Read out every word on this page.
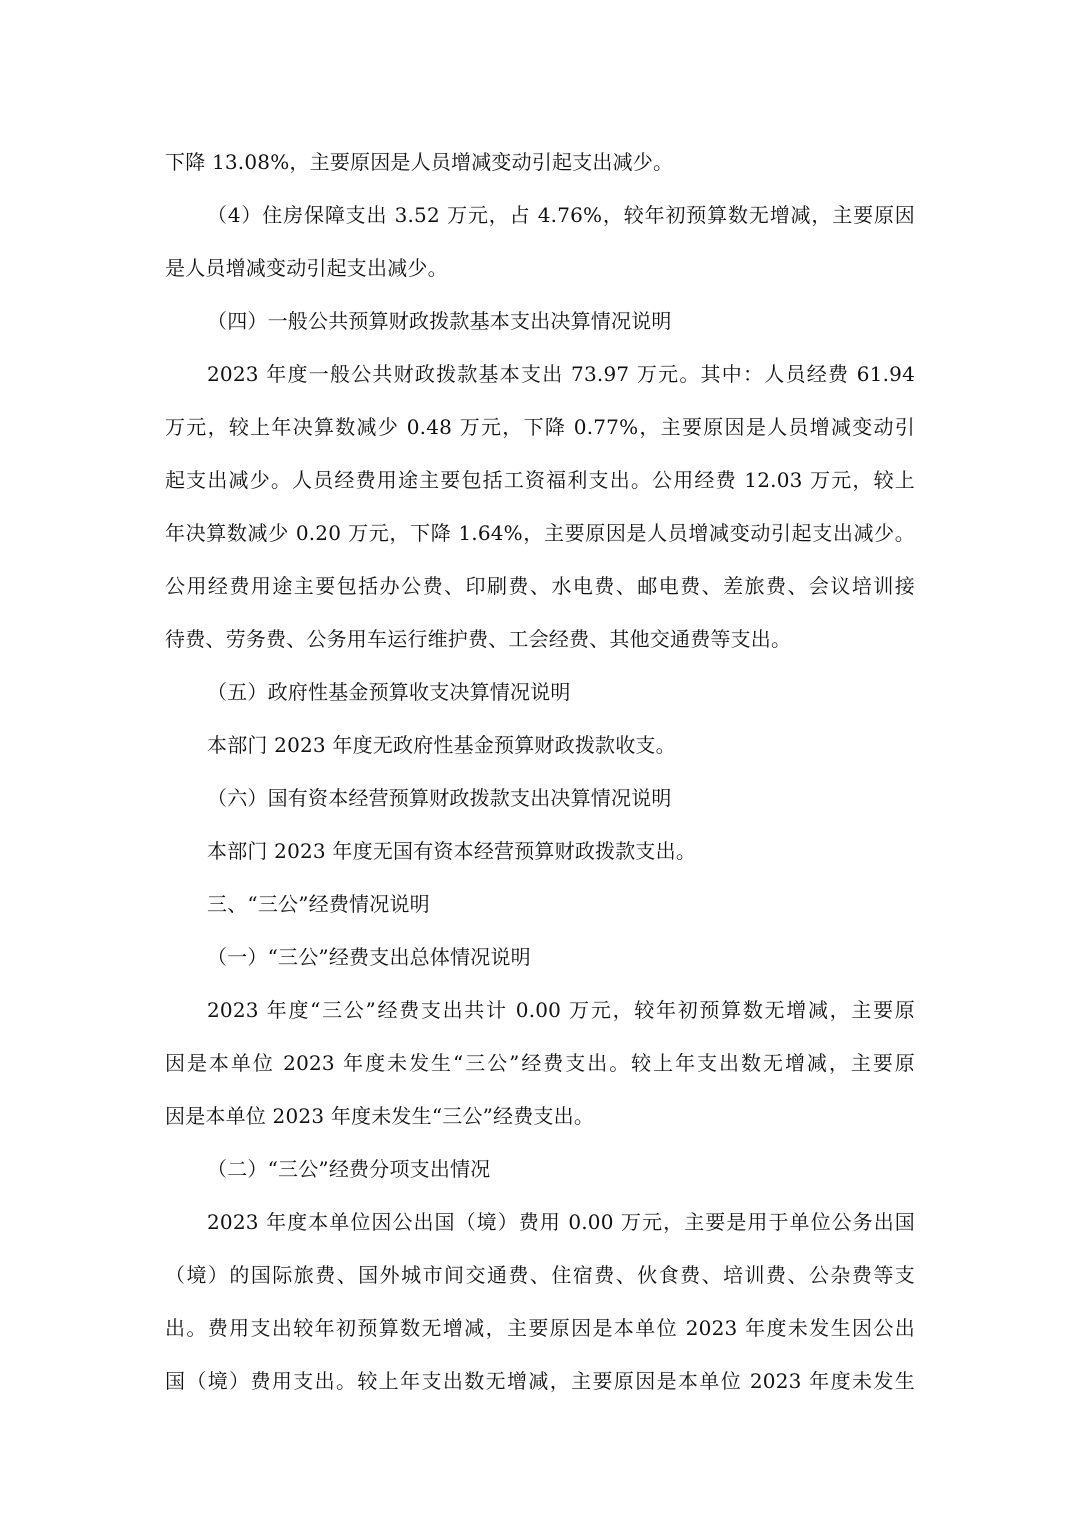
下降 13.08%，主要原因是人员增减变动引起支出减少。
（4）住房保障支出 3.52 万元，占 4.76%，较年初预算数无增减，主要原因
是人员增减变动引起支出减少。
（四）一般公共预算财政拨款基本支出决算情况说明
2023 年度一般公共财政拨款基本支出 73.97 万元。其中：人员经费 61.94
万元，较上年决算数减少 0.48 万元，下降 0.77%，主要原因是人员增减变动引
起支出减少。人员经费用途主要包括工资福利支出。公用经费 12.03 万元，较上
年决算数减少 0.20 万元，下降 1.64%，主要原因是人员增减变动引起支出减少。
公用经费用途主要包括办公费、印刷费、水电费、邮电费、差旅费、会议培训接
待费、劳务费、公务用车运行维护费、工会经费、其他交通费等支出。
（五）政府性基金预算收支决算情况说明
本部门 2023 年度无政府性基金预算财政拨款收支。
（六）国有资本经营预算财政拨款支出决算情况说明
本部门 2023 年度无国有资本经营预算财政拨款支出。
三、“三公”经费情况说明
（一）“三公”经费支出总体情况说明
2023 年度“三公”经费支出共计 0.00 万元，较年初预算数无增减，主要原
因是本单位 2023 年度未发生“三公”经费支出。较上年支出数无增减，主要原
因是本单位 2023 年度未发生“三公”经费支出。
（二）“三公”经费分项支出情况
2023 年度本单位因公出国（境）费用 0.00 万元，主要是用于单位公务出国
（境）的国际旅费、国外城市间交通费、住宿费、伙食费、培训费、公杂费等支
出。费用支出较年初预算数无增减，主要原因是本单位 2023 年度未发生因公出
国（境）费用支出。较上年支出数无增减，主要原因是本单位 2023 年度未发生
